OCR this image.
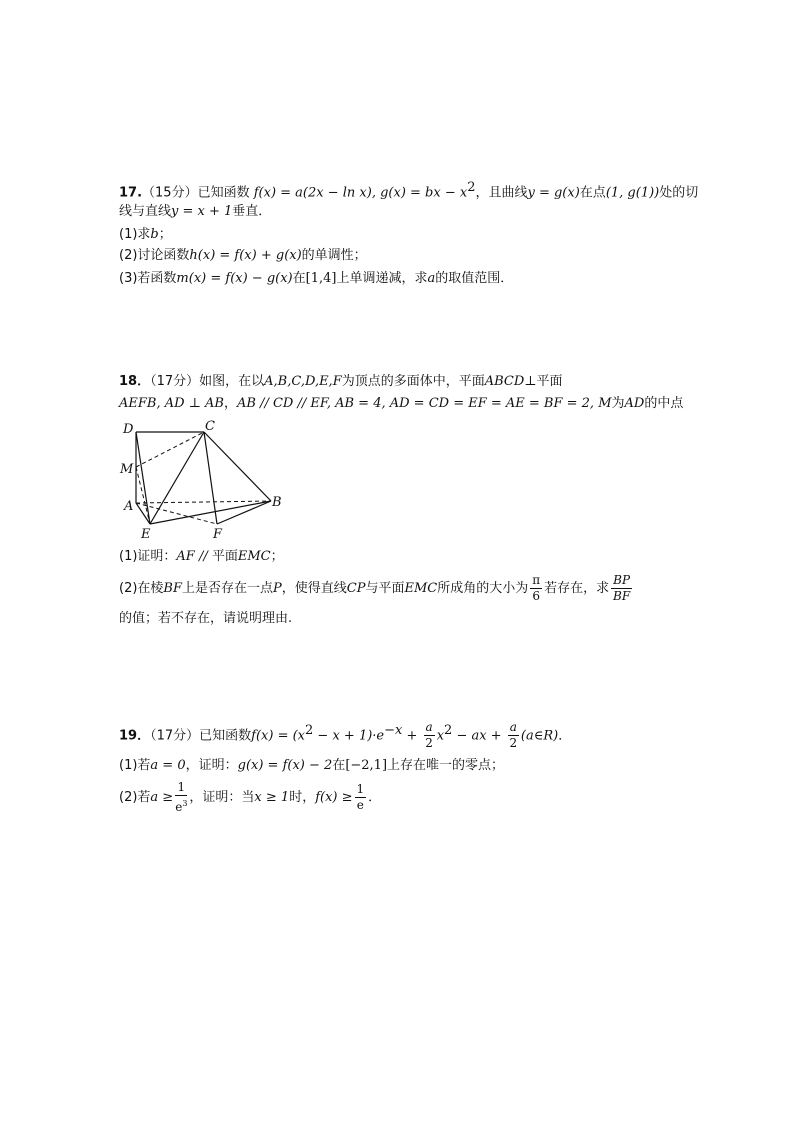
17.（15分）已知函数 f(x) = a(2x − ln x), g(x) = bx − $x^2$，且曲线y = g(x)在点(1, g(1))处的切
线与直线y = x + 1垂直．
(1)求b；
(2)讨论函数h(x) = f(x) + g(x)的单调性；
(3)若函数m(x) = f(x) − g(x)在[1,4]上单调递减，求a的取值范围．
18．（17分）如图，在以A,B,C,D,E,F为顶点的多面体中，平面ABCD⊥平面
AEFB, AD ⊥ AB，AB // CD // EF, AB = 4, AD = CD = EF = AE = BF = 2, M为AD的中点
D	C
M
A	B
E	F
(1)证明：AF // 平面EMC；
(2)在棱BF上是否存在一点P，使得直线CP与平面EMC所成角的大小为 $\frac{\pi}{6}$ 若存在，求 $\frac{BP}{BF}$
的值；若不存在，请说明理由.
19．（17分）已知函数$f(x) = (x^2 - x + 1)\cdot e^{-x} + \frac{a}{2} x^2$ − ax + $\frac{a}{2}$ (a∈R)．
(1)若a = 0，证明：g(x) = f(x) − 2在[−2,1]上存在唯一的零点；
(2)若$a \ge \frac{1}{e^3}$ ，证明：当x ≥ 1时，$f(x) \ge \frac{1}{e}$ ．
